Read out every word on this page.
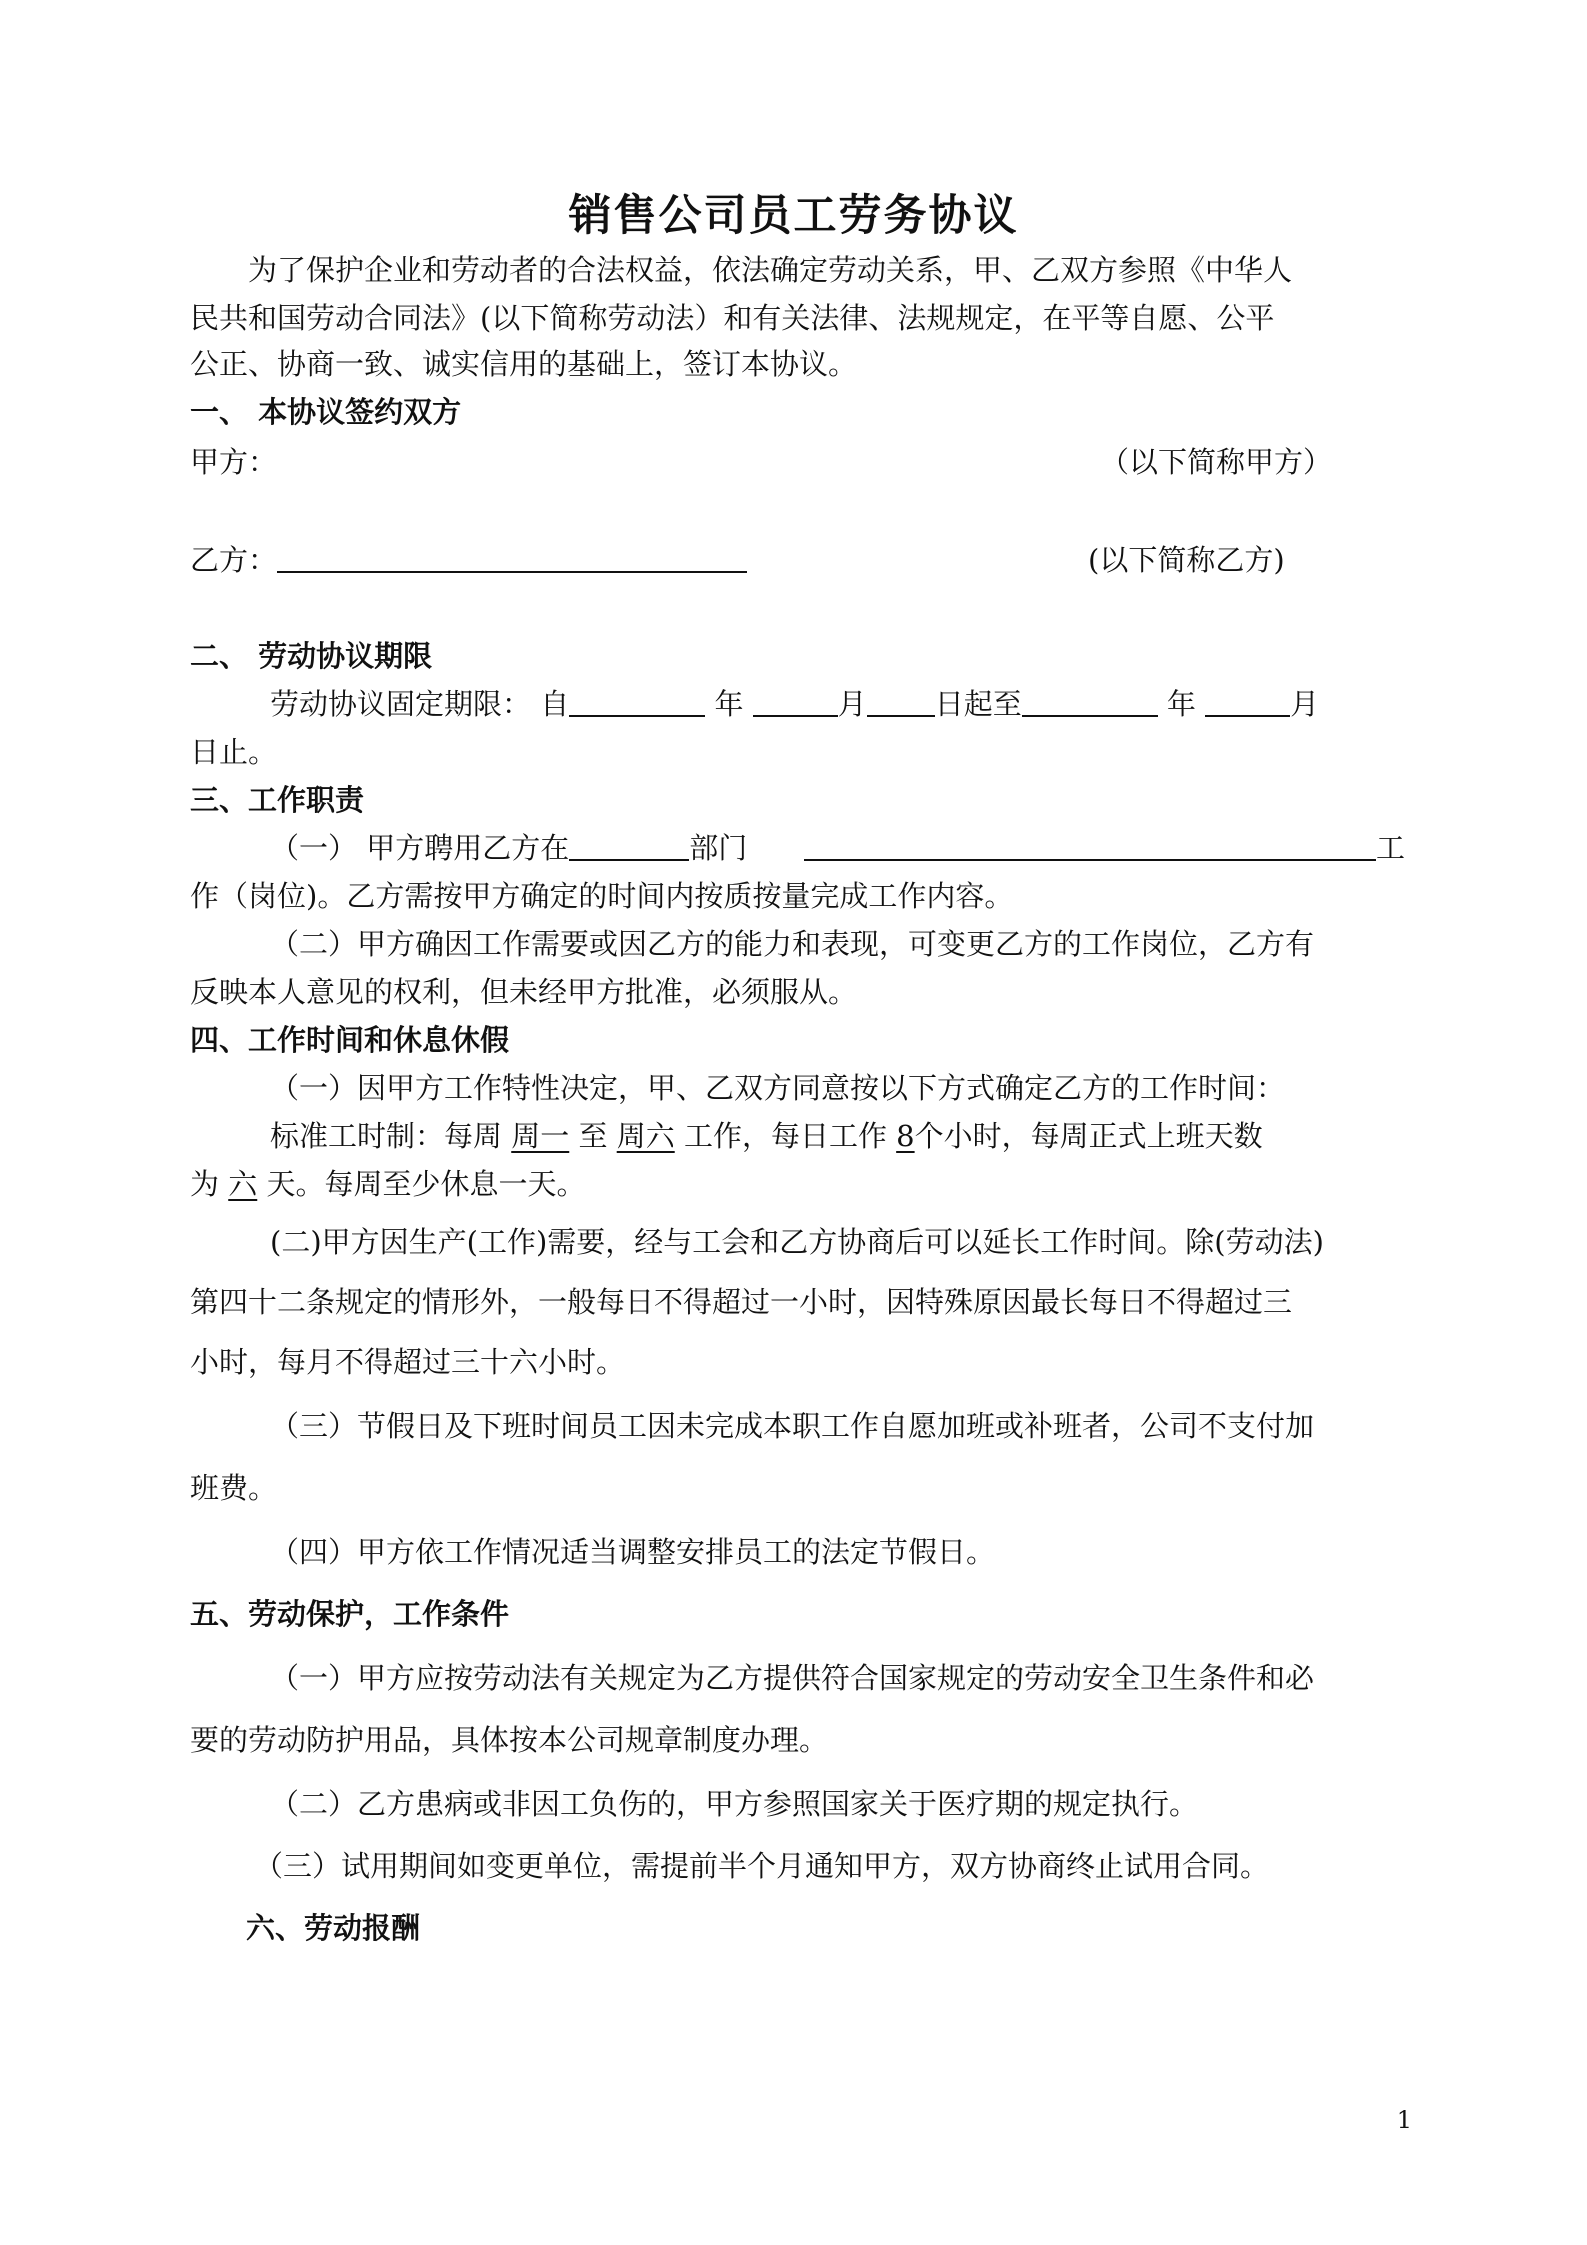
销售公司员工劳务协议
为了保护企业和劳动者的合法权益，依法确定劳动关系，甲、乙双方参照《中华人
民共和国劳动合同法》(以下简称劳动法）和有关法律、法规规定，在平等自愿、公平
公正、协商一致、诚实信用的基础上，签订本协议。
一、 本协议签约双方
甲方：	（以下简称甲方）
乙方：	(以下简称乙方)
二、 劳动协议期限
劳动协议固定期限： 自	年	月 日起至	年	月
日止。
三、工作职责
（一） 甲方聘用乙方在	部门	工
作（岗位)。乙方需按甲方确定的时间内按质按量完成工作内容。
（二）甲方确因工作需要或因乙方的能力和表现，可变更乙方的工作岗位，乙方有
反映本人意见的权利，但未经甲方批准，必须服从。
四、工作时间和休息休假
（一）因甲方工作特性决定，甲、乙双方同意按以下方式确定乙方的工作时间：
标准工时制：每周 周一 至 周六 工作，每日工作 8个小时，每周正式上班天数
为 六 天。每周至少休息一天。
(二)甲方因生产(工作)需要，经与工会和乙方协商后可以延长工作时间。除(劳动法)
第四十二条规定的情形外，一般每日不得超过一小时，因特殊原因最长每日不得超过三
小时，每月不得超过三十六小时。
（三）节假日及下班时间员工因未完成本职工作自愿加班或补班者，公司不支付加
班费。
（四）甲方依工作情况适当调整安排员工的法定节假日。
五、劳动保护，工作条件
（一）甲方应按劳动法有关规定为乙方提供符合国家规定的劳动安全卫生条件和必
要的劳动防护用品，具体按本公司规章制度办理。
（二）乙方患病或非因工负伤的，甲方参照国家关于医疗期的规定执行。
（三）试用期间如变更单位，需提前半个月通知甲方，双方协商终止试用合同。
六、劳动报酬
1
